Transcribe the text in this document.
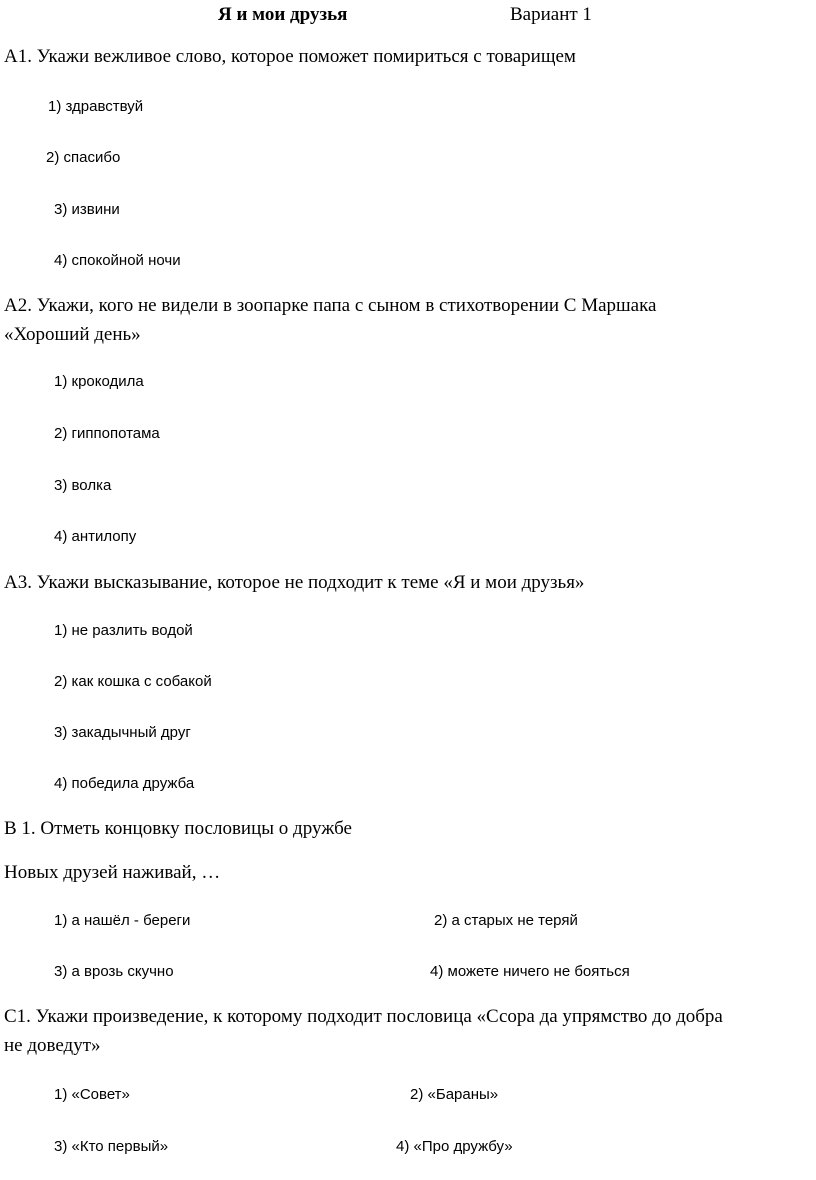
Я и мои друзья	Вариант 1
А1. Укажи вежливое слово, которое поможет помириться с товарищем
1) здравствуй
2) спасибо
3) извини
4) спокойной ночи
А2. Укажи, кого не видели в зоопарке папа с сыном в стихотворении С Маршака
«Хороший день»
1) крокодила
2) гиппопотама
3) волка
4) антилопу
А3. Укажи высказывание, которое не подходит к теме «Я и мои друзья»
1) не разлить водой
2) как кошка с собакой
3) закадычный друг
4) победила дружба
В 1. Отметь концовку пословицы о дружбе
Новых друзей наживай, …
1) а нашёл - береги	2) а старых не теряй
3) а врозь скучно	4) можете ничего не бояться
С1. Укажи произведение, к которому подходит пословица «Ссора да упрямство до добра
не доведут»
1) «Совет»	2) «Бараны»
3) «Кто первый»	4) «Про дружбу»
